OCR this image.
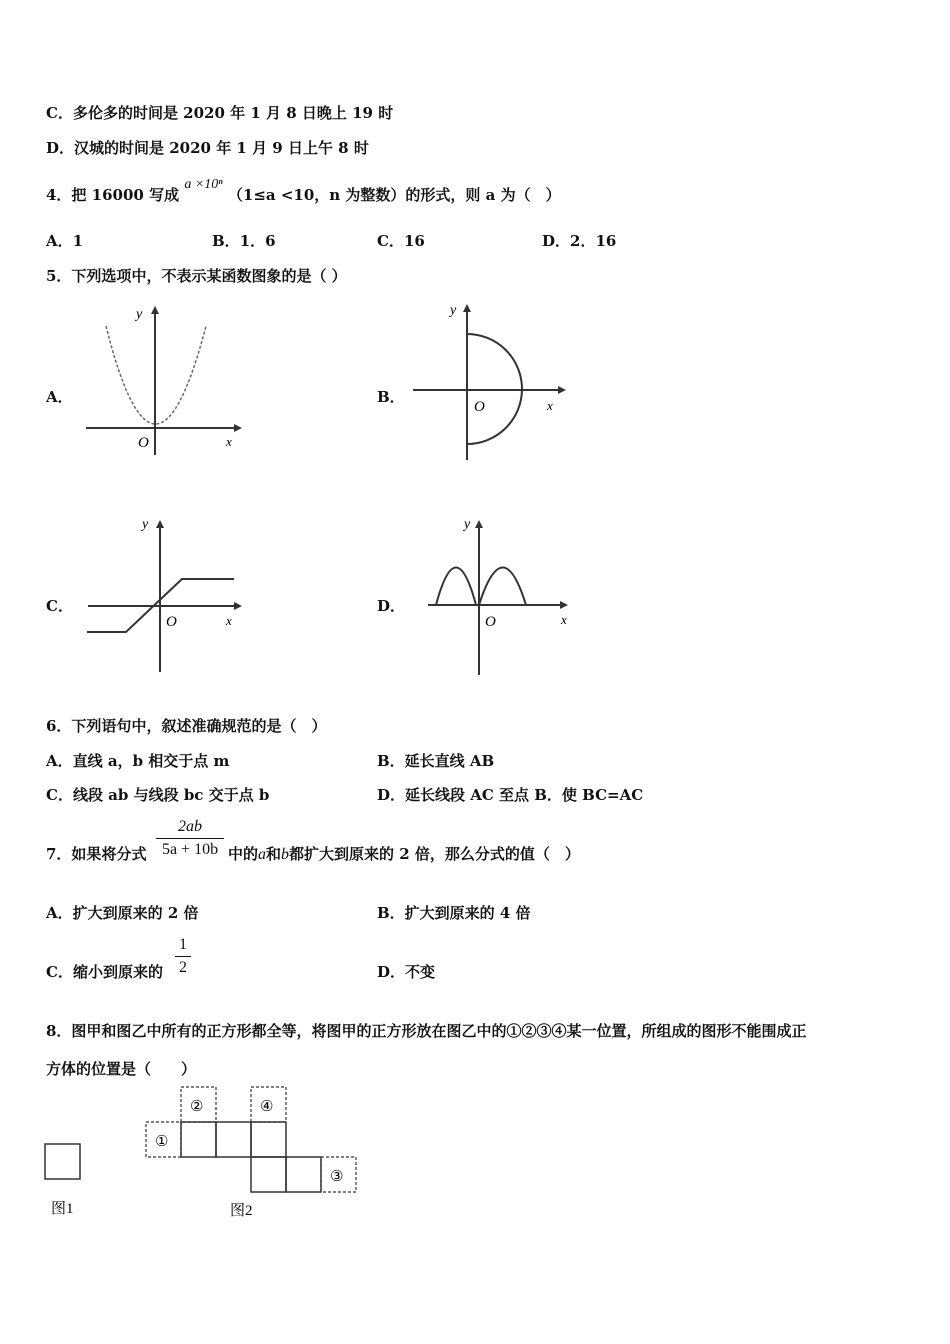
C．多伦多的时间是 2020 年 1 月 8 日晚上 19 时
D．汉城的时间是 2020 年 1 月 9 日上午 8 时
4．把 16000 写成 a ×10ⁿ （1≤a <10，n 为整数）的形式，则 a 为（　）
A．1	B．1．6	C．16	D．2．16
5．下列选项中，不表示某函数图象的是（ ）
A．
y
x
O
B．
y
x
O
C．
y
x
O
D．
y
x
O
6．下列语句中，叙述准确规范的是（　）
A．直线 a，b 相交于点 m	B．延长直线 AB
C．线段 ab 与线段 bc 交于点 b	D．延长线段 AC 至点 B．使 BC=AC
7．如果将分式 $\frac{2ab}{5a + 10b}$ 中的a和b都扩大到原来的 2 倍，那么分式的值（　）
A．扩大到原来的 2 倍	B．扩大到原来的 4 倍
C．缩小到原来的 $\frac{1}{2}$	D．不变
8．图甲和图乙中所有的正方形都全等，将图甲的正方形放在图乙中的①②③④某一位置，所组成的图形不能围成正
方体的位置是（　　）
图1
①
②
③
④
图2
